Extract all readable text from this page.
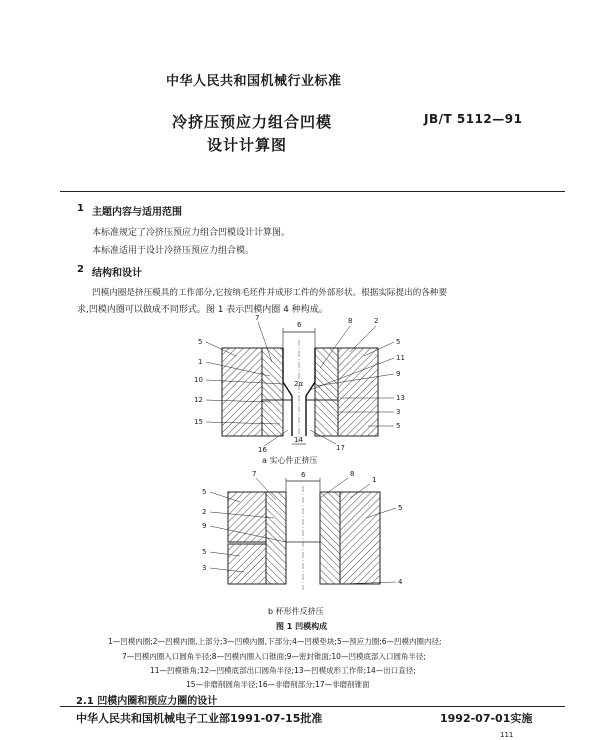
中华人民共和国机械行业标准
冷挤压预应力组合凹模
设计计算图
JB/T 5112—91
1 主题内容与适用范围
本标准规定了冷挤压预应力组合凹模设计计算图。
本标准适用于设计冷挤压预应力组合模。
2 结构和设计
凹模内圈是挤压模具的工作部分,它按纳毛坯件并成形工件的外部形状。根据实际提出的各种要
求,凹模内圈可以做成不同形式。图 1 表示凹模内圈 4 种构成。
7
6	8	2
5
1
10
12
15
16
5
11
9
13
3
5
17
14
2α
a 实心件正挤压
6
7	8
1
5
2
9
5
3
5
4
b 杯形件反挤压
图 1 凹模构成
1—凹模内圈;2—凹模内圈,上部分;3—凹模内圈,下部分;4—凹模垫块;5—预应力圈;6—凹模内圈内径;
7—凹模内圈入口圆角半径;8—凹模内圈入口锥面;9—密封锥面;10—凹模底部入口圆角半径;
11—凹模锥角;12—凹模底部出口圆角半径;13—凹模成形工作带;14—出口直径;
15—非磨削圆角半径;16—非磨削部分;17—非磨削锥面
2.1 凹模内圈和预应力圈的设计
中华人民共和国机械电子工业部1991-07-15批准	1992-07-01实施
111
